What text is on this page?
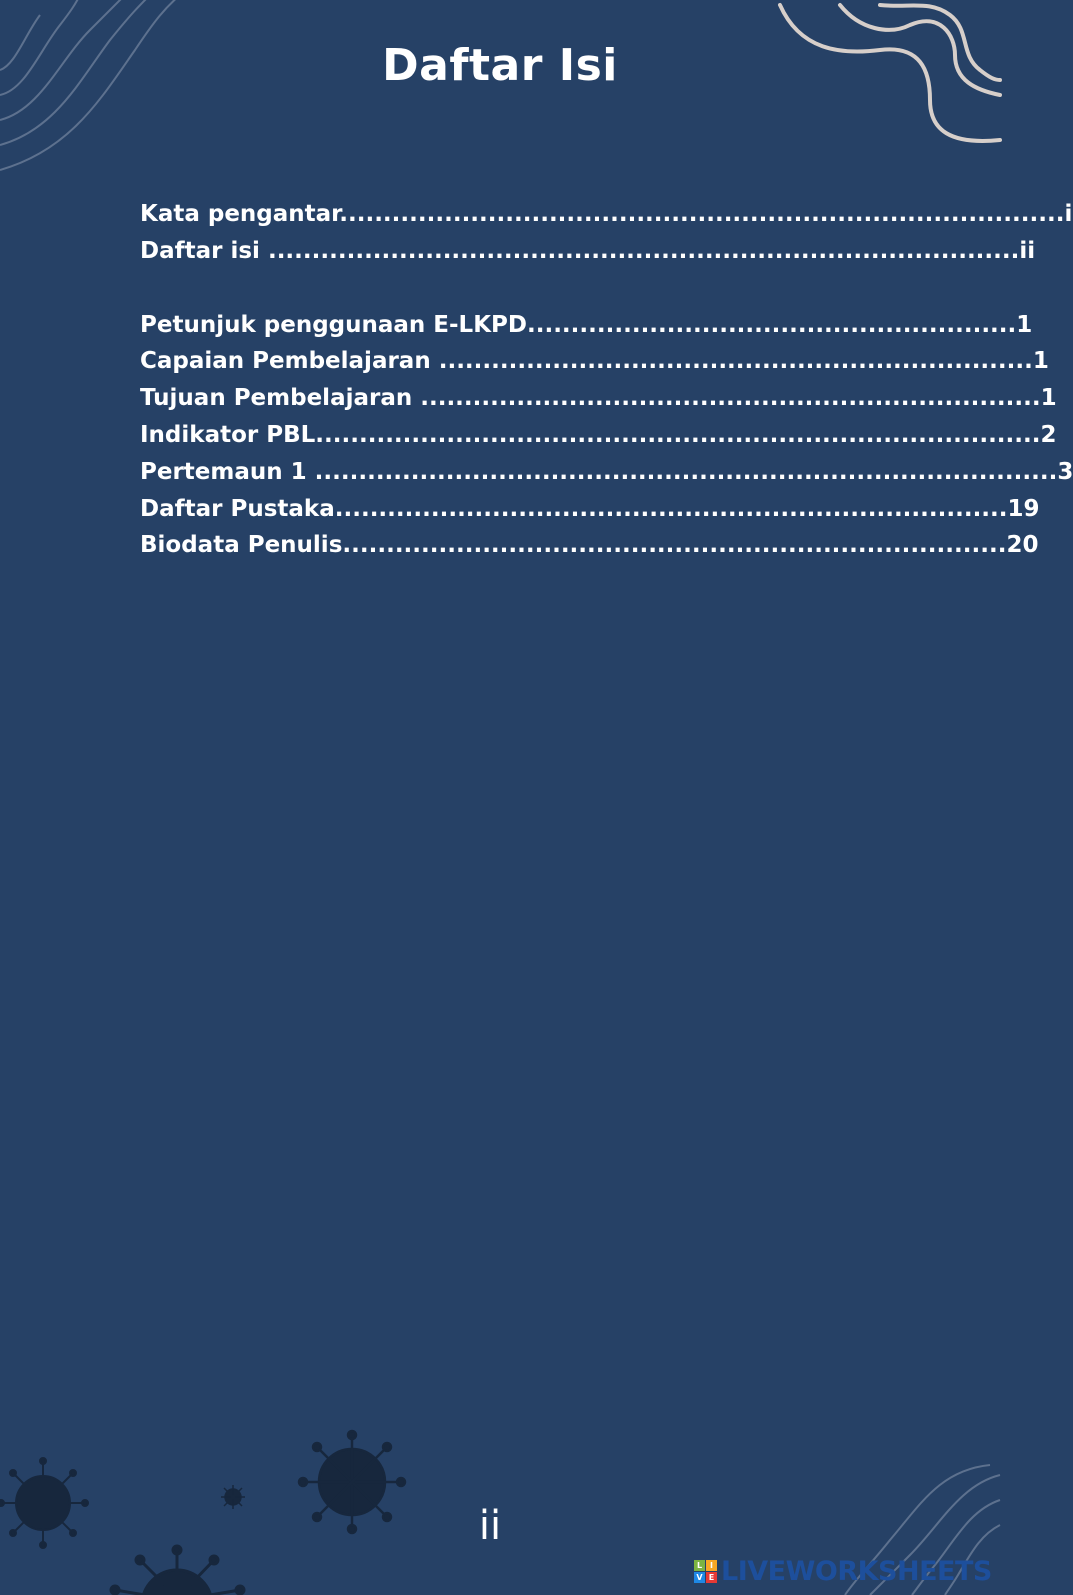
Daftar Isi
Kata pengantar...................................................................................i
Daftar isi ......................................................................................ii
Petunjuk penggunaan E-LKPD........................................................1
Capaian Pembelajaran ....................................................................1
Tujuan Pembelajaran .......................................................................1
Indikator PBL...................................................................................2
Pertemaun 1 .....................................................................................3
Daftar Pustaka.............................................................................19
Biodata Penulis............................................................................20
ii
L I
V E LIVEWORKSHEETS
